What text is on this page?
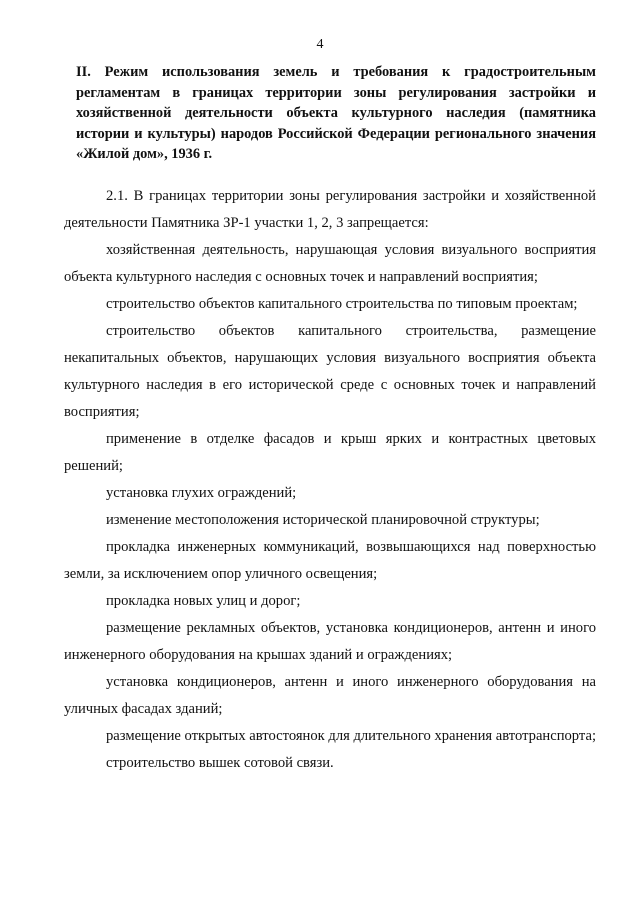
4
II. Режим использования земель и требования к градостроительным регламентам в границах территории зоны регулирования застройки и хозяйственной деятельности объекта культурного наследия (памятника истории и культуры) народов Российской Федерации регионального значения «Жилой дом», 1936 г.

2.1. В границах территории зоны регулирования застройки и хозяйственной деятельности Памятника ЗР-1 участки 1, 2, 3 запрещается:

хозяйственная деятельность, нарушающая условия визуального восприятия объекта культурного наследия с основных точек и направлений восприятия;

строительство объектов капитального строительства по типовым проектам;

строительство объектов капитального строительства, размещение некапитальных объектов, нарушающих условия визуального восприятия объекта культурного наследия в его исторической среде с основных точек и направлений восприятия;

применение в отделке фасадов и крыш ярких и контрастных цветовых решений;

установка глухих ограждений;

изменение местоположения исторической планировочной структуры;

прокладка инженерных коммуникаций, возвышающихся над поверхностью земли, за исключением опор уличного освещения;

прокладка новых улиц и дорог;

размещение рекламных объектов, установка кондиционеров, антенн и иного инженерного оборудования на крышах зданий и ограждениях;

установка кондиционеров, антенн и иного инженерного оборудования на уличных фасадах зданий;

размещение открытых автостоянок для длительного хранения автотранспорта;

строительство вышек сотовой связи.
